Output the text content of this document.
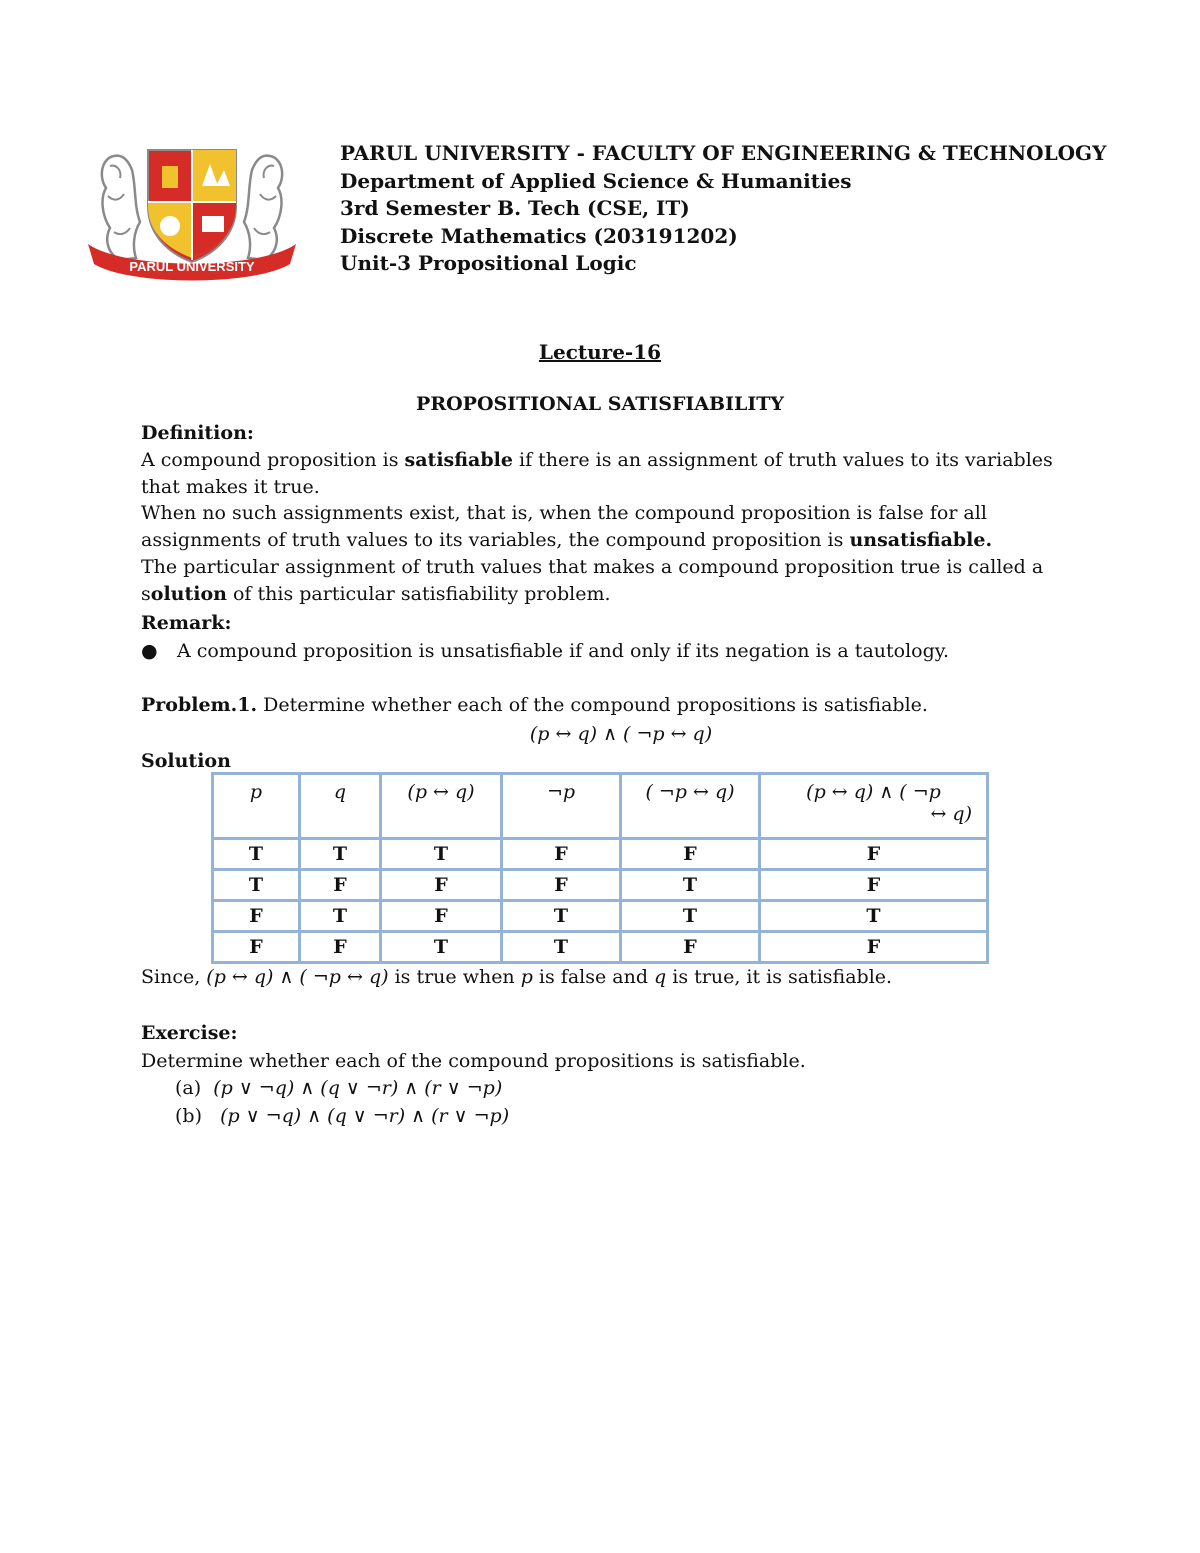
PARUL UNIVERSITY
PARUL UNIVERSITY - FACULTY OF ENGINEERING & TECHNOLOGY
Department of Applied Science & Humanities
3rd Semester B. Tech (CSE, IT)
Discrete Mathematics (203191202)
Unit-3 Propositional Logic
Lecture-16
PROPOSITIONAL SATISFIABILITY

Definition:

A compound proposition is satisfiable if there is an assignment of truth values to its variables

that makes it true.

When no such assignments exist, that is, when the compound proposition is false for all

assignments of truth values to its variables, the compound proposition is unsatisfiable.

The particular assignment of truth values that makes a compound proposition true is called a

solution of this particular satisfiability problem.

Remark:

● A compound proposition is unsatisfiable if and only if its negation is a tautology.

Problem.1. Determine whether each of the compound propositions is satisfiable.

(p ↔ q) ∧ ( ¬p ↔ q)

Solution

p	q	(p ↔ q)	¬p	( ¬p ↔ q)	(p ↔ q) ∧ ( ¬p
↔ q)

T	T	T	F	F	F
T	F	F	F	T	F
F	T	F	T	T	T
F	F	T	T	F	F
Since, (p ↔ q) ∧ ( ¬p ↔ q) is true when p is false and q is true, it is satisfiable.
Exercise:
Determine whether each of the compound propositions is satisfiable.
(a) (p ∨ ¬q) ∧ (q ∨ ¬r) ∧ (r ∨ ¬p)
(b) (p ∨ ¬q) ∧ (q ∨ ¬r) ∧ (r ∨ ¬p)
